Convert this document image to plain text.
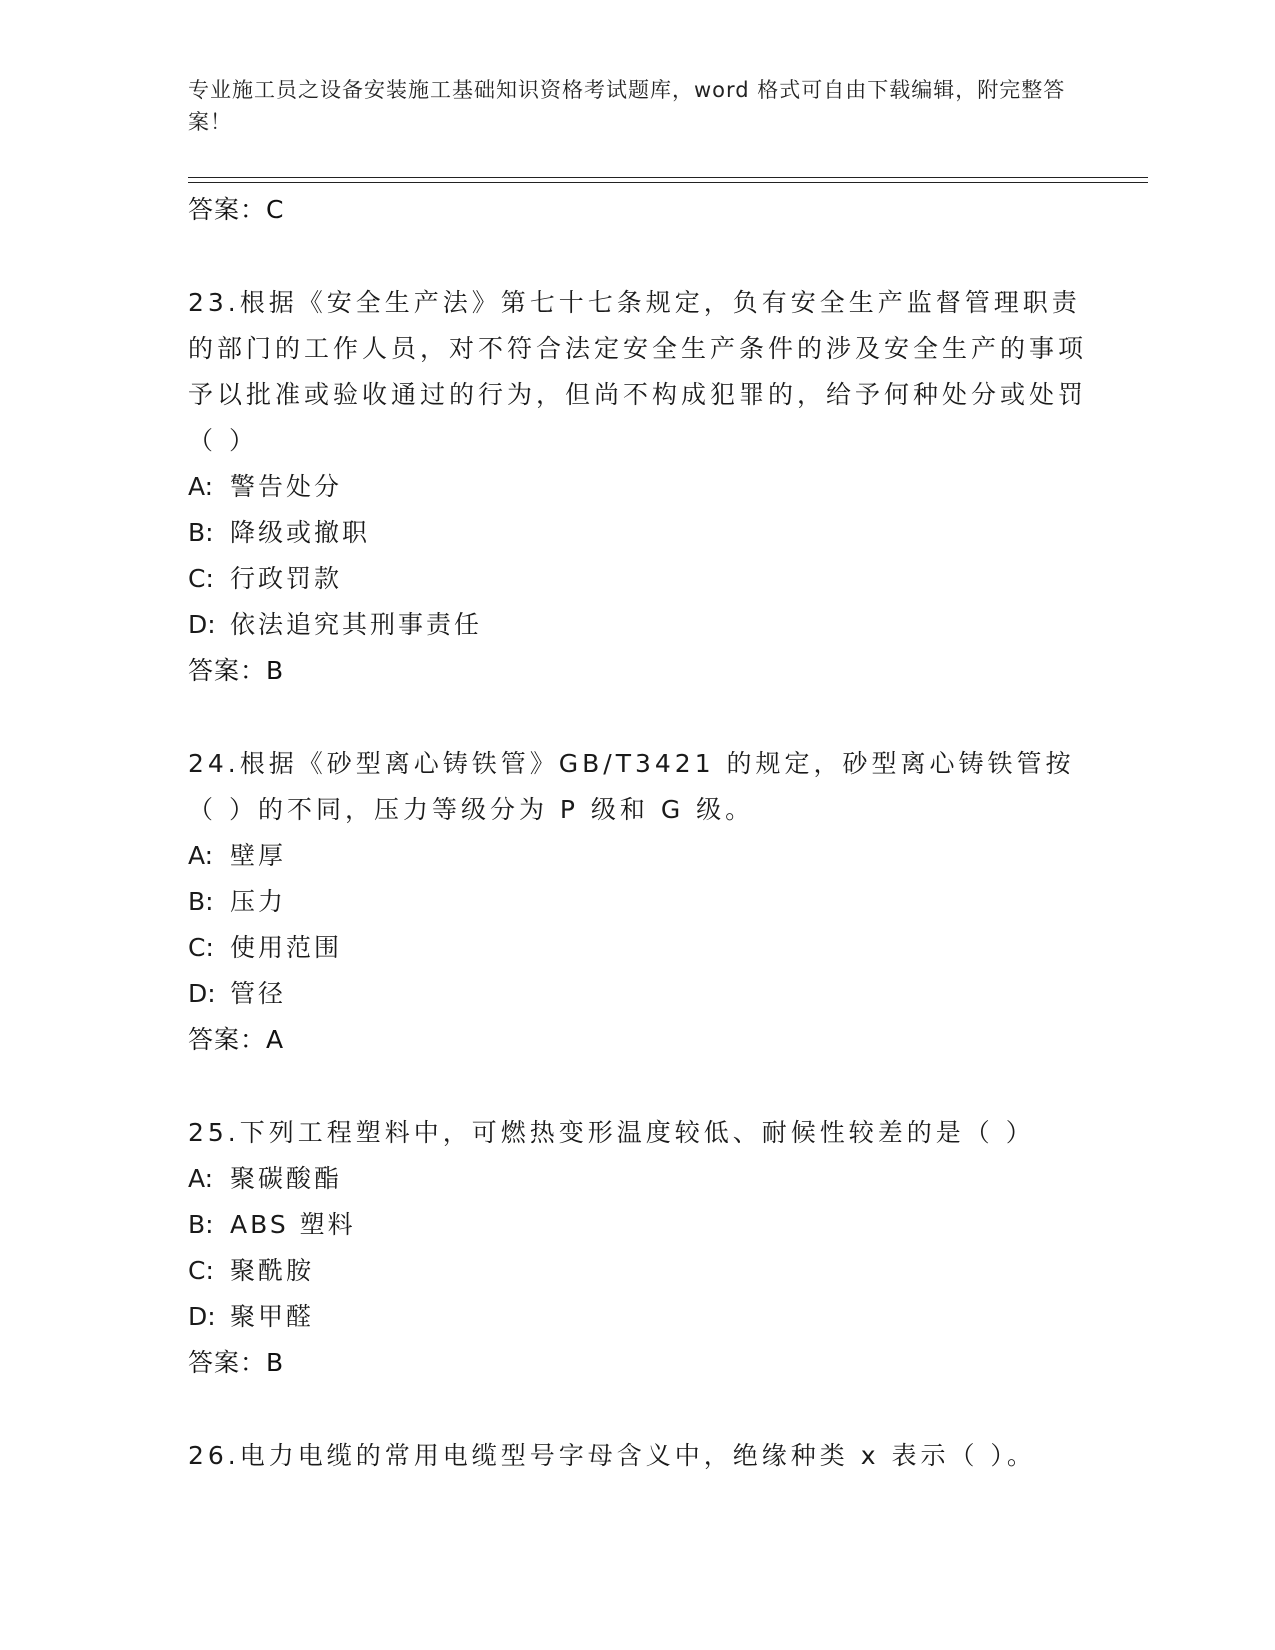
专业施工员之设备安装施工基础知识资格考试题库，word 格式可自由下载编辑，附完整答案！
答案：C

23.根据《安全生产法》第七十七条规定，负有安全生产监督管理职责的部门的工作人员，对不符合法定安全生产条件的涉及安全生产的事项予以批准或验收通过的行为，但尚不构成犯罪的，给予何种处分或处罚（ ）

A: 警告处分
B: 降级或撤职
C: 行政罚款
D: 依法追究其刑事责任
答案：B

24.根据《砂型离心铸铁管》GB/T3421 的规定，砂型离心铸铁管按（ ）的不同，压力等级分为 P 级和 G 级。

A: 壁厚
B: 压力
C: 使用范围
D: 管径
答案：A

25.下列工程塑料中，可燃热变形温度较低、耐候性较差的是（ ）

A: 聚碳酸酯
B: ABS 塑料
C: 聚酰胺
D: 聚甲醛
答案：B

26.电力电缆的常用电缆型号字母含义中，绝缘种类 x 表示（ ）。
